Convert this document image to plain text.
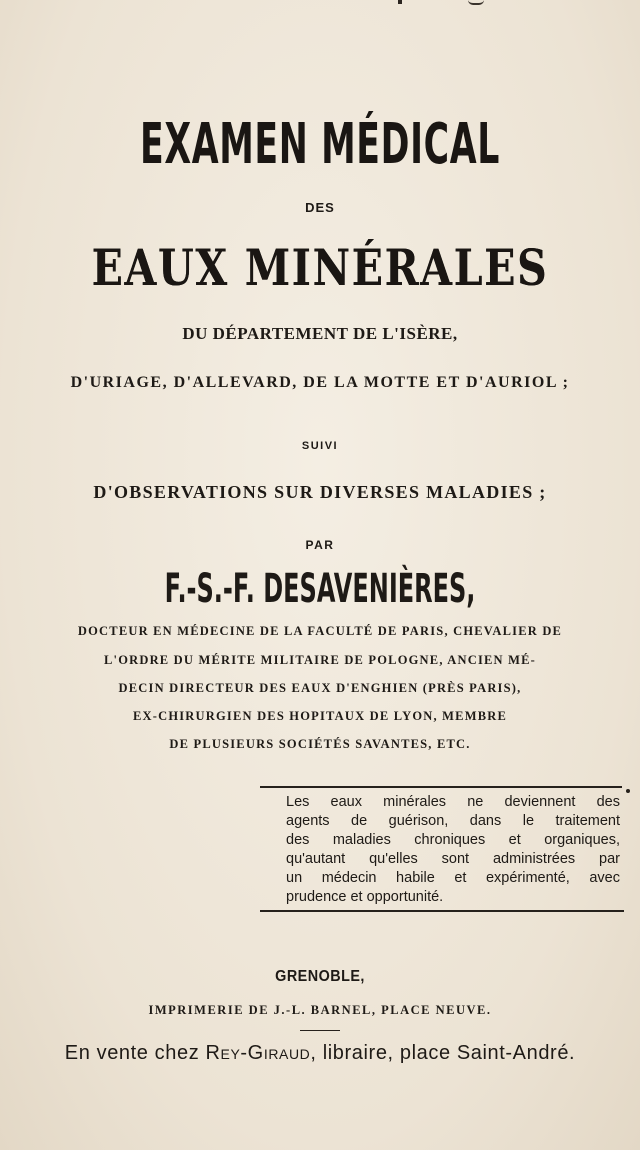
EXAMEN MÉDICAL
DES
EAUX MINÉRALES
DU DÉPARTEMENT DE L'ISÈRE,
D'URIAGE, D'ALLEVARD, DE LA MOTTE ET D'AURIOL ;
SUIVI
D'OBSERVATIONS SUR DIVERSES MALADIES ;
PAR
F.-S.-F. DESAVENIÈRES,
DOCTEUR EN MÉDECINE DE LA FACULTÉ DE PARIS, CHEVALIER DE
L'ORDRE DU MÉRITE MILITAIRE DE POLOGNE, ANCIEN MÉ-
DECIN DIRECTEUR DES EAUX D'ENGHIEN (PRÈS PARIS),
EX-CHIRURGIEN DES HOPITAUX DE LYON, MEMBRE
DE PLUSIEURS SOCIÉTÉS SAVANTES, ETC.
Les eaux minérales ne deviennent des
agents de guérison, dans le traitement
des maladies chroniques et organiques,
qu'autant qu'elles sont administrées par
un médecin habile et expérimenté, avec
prudence et opportunité.
GRENOBLE,
IMPRIMERIE DE J.-L. BARNEL, PLACE NEUVE.
En vente chez Rey-Giraud, libraire, place Saint-André.
